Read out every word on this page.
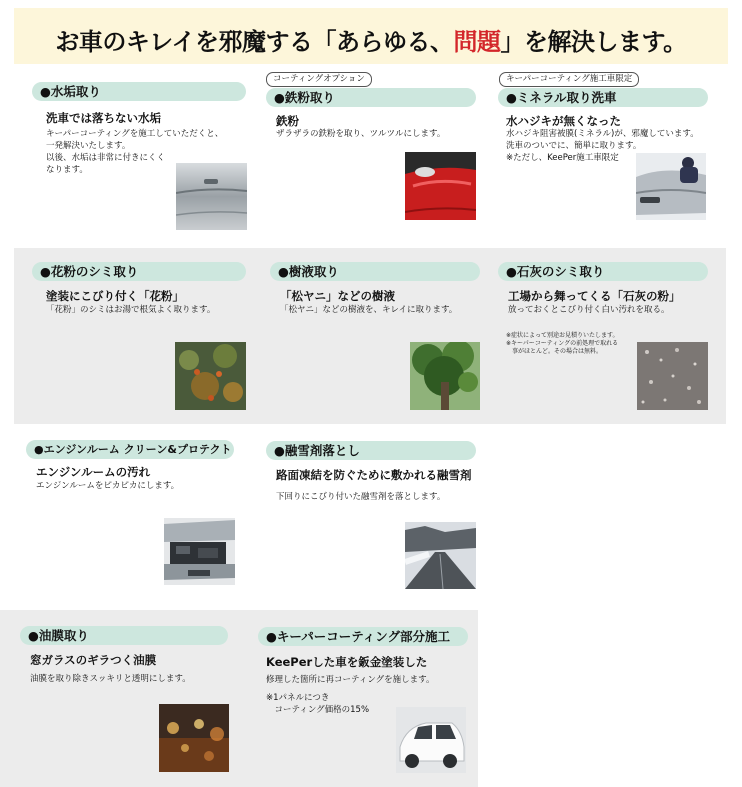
お車のキレイを邪魔する「あらゆる、問題」を解決します。
●水垢取り
洗車では落ちない水垢
キーパーコーティングを施工していただくと、
一発解決いたします。
以後、水垢は非常に付きにくく
なります。
コーティングオプション
●鉄粉取り
鉄粉
ザラザラの鉄粉を取り、ツルツルにします。
キーパーコーティング施工車限定
●ミネラル取り洗車
水ハジキが無くなった
水ハジキ阻害被膜(ミネラル)が、邪魔しています。
洗車のついでに、簡単に取ります。
※ただし、KeePer施工車限定
●花粉のシミ取り
塗装にこびり付く「花粉」
「花粉」のシミはお湯で根気よく取ります。
●樹液取り
「松ヤニ」などの樹液
「松ヤニ」などの樹液を、キレイに取ります。
●石灰のシミ取り
工場から舞ってくる「石灰の粉」
放っておくとこびり付く白い汚れを取る。
※症状によって別途お見積りいたします。
※キーパーコーティングの前処理で取れる
　事がほとんど。その場合は無料。
●エンジンルーム クリーン&プロテクト
エンジンルームの汚れ
エンジンルームをピカピカにします。
●融雪剤落とし
路面凍結を防ぐために敷かれる融雪剤
下回りにこびり付いた融雪剤を落とします。
●油膜取り
窓ガラスのギラつく油膜
油膜を取り除きスッキリと透明にします。
●キーパーコーティング部分施工
KeePerした車を鈑金塗装した
修理した箇所に再コーティングを施します。
※1パネルにつき
　コーティング価格の15%
